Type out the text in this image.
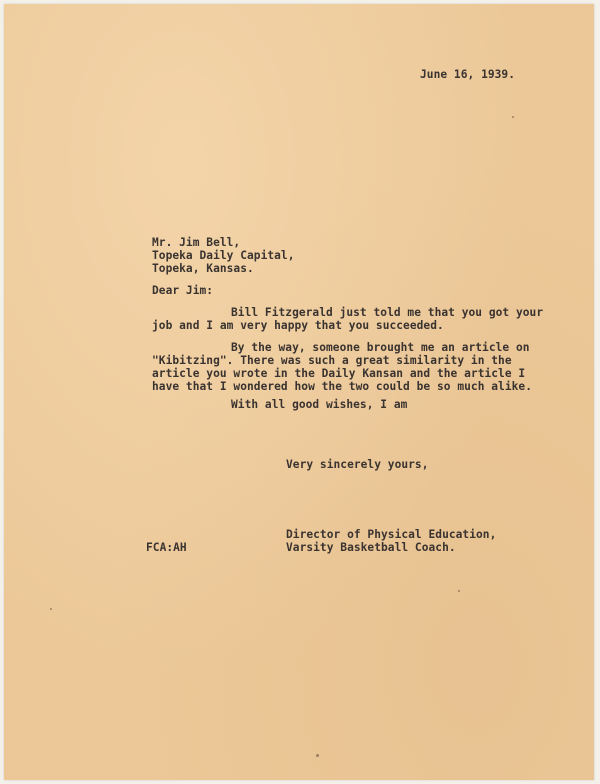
June 16, 1939.
Mr. Jim Bell,
Topeka Daily Capital,
Topeka, Kansas.
Dear Jim:
Bill Fitzgerald just told me that you got your
job and I am very happy that you succeeded.
By the way, someone brought me an article on
"Kibitzing". There was such a great similarity in the
article you wrote in the Daily Kansan and the article I
have that I wondered how the two could be so much alike.
With all good wishes, I am
Very sincerely yours,
Director of Physical Education,
Varsity Basketball Coach.
FCA:AH
